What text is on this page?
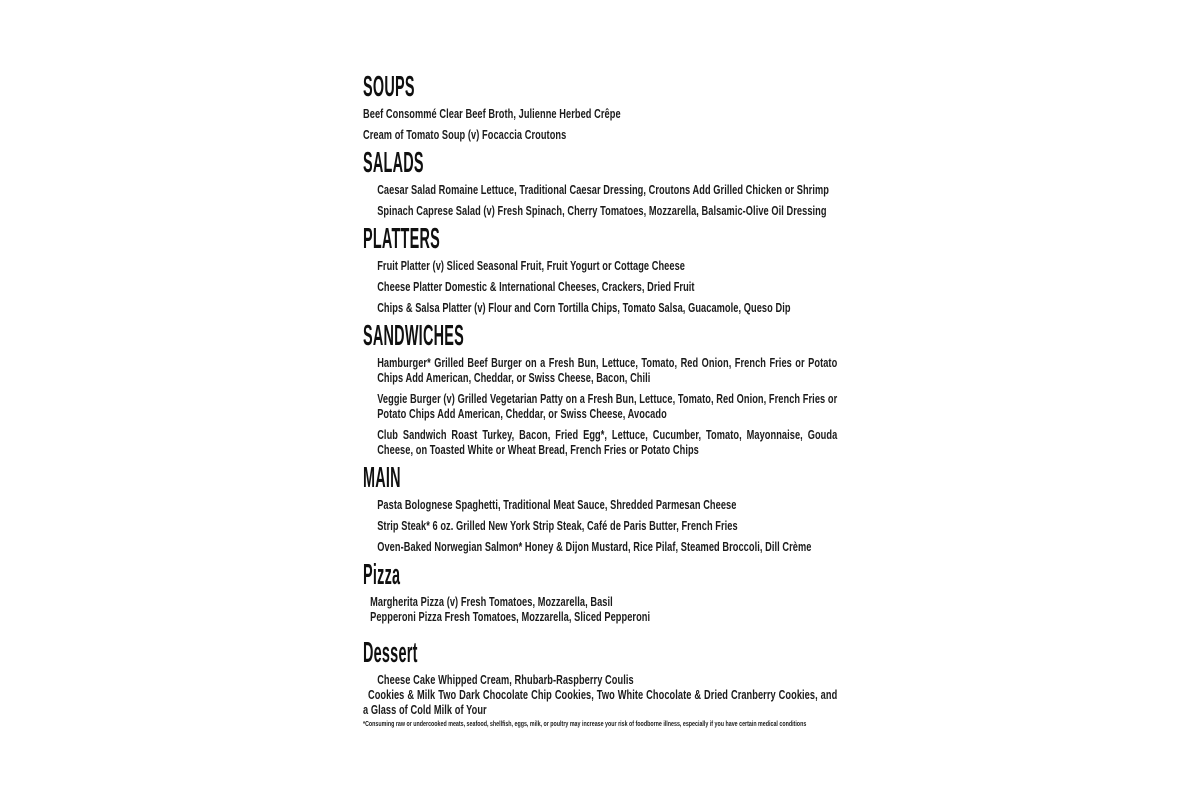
SOUPS

Beef Consommé Clear Beef Broth, Julienne Herbed Crêpe

Cream of Tomato Soup (v) Focaccia Croutons

SALADS

Caesar Salad Romaine Lettuce, Traditional Caesar Dressing, Croutons Add Grilled Chicken or Shrimp

Spinach Caprese Salad (v) Fresh Spinach, Cherry Tomatoes, Mozzarella, Balsamic-Olive Oil Dressing

PLATTERS

Fruit Platter (v) Sliced Seasonal Fruit, Fruit Yogurt or Cottage Cheese

Cheese Platter Domestic & International Cheeses, Crackers, Dried Fruit

Chips & Salsa Platter (v) Flour and Corn Tortilla Chips, Tomato Salsa, Guacamole, Queso Dip

SANDWICHES

Hamburger* Grilled Beef Burger on a Fresh Bun, Lettuce, Tomato, Red Onion, French Fries or Potato Chips Add American, Cheddar, or Swiss Cheese, Bacon, Chili

Veggie Burger (v) Grilled Vegetarian Patty on a Fresh Bun, Lettuce, Tomato, Red Onion, French Fries or Potato Chips Add American, Cheddar, or Swiss Cheese, Avocado

Club Sandwich Roast Turkey, Bacon, Fried Egg*, Lettuce, Cucumber, Tomato, Mayonnaise, Gouda Cheese, on Toasted White or Wheat Bread, French Fries or Potato Chips

MAIN

Pasta Bolognese Spaghetti, Traditional Meat Sauce, Shredded Parmesan Cheese

Strip Steak* 6 oz. Grilled New York Strip Steak, Café de Paris Butter, French Fries

Oven-Baked Norwegian Salmon* Honey & Dijon Mustard, Rice Pilaf, Steamed Broccoli, Dill Crème

Pizza

Margherita Pizza (v) Fresh Tomatoes, Mozzarella, Basil

Pepperoni Pizza Fresh Tomatoes, Mozzarella, Sliced Pepperoni

Dessert

Cheese Cake Whipped Cream, Rhubarb-Raspberry Coulis

Cookies & Milk Two Dark Chocolate Chip Cookies, Two White Chocolate & Dried Cranberry Cookies, and a Glass of Cold Milk of Your

*Consuming raw or undercooked meats, seafood, shellfish, eggs, milk, or poultry may increase your risk of foodborne illness, especially if you have certain medical conditions
